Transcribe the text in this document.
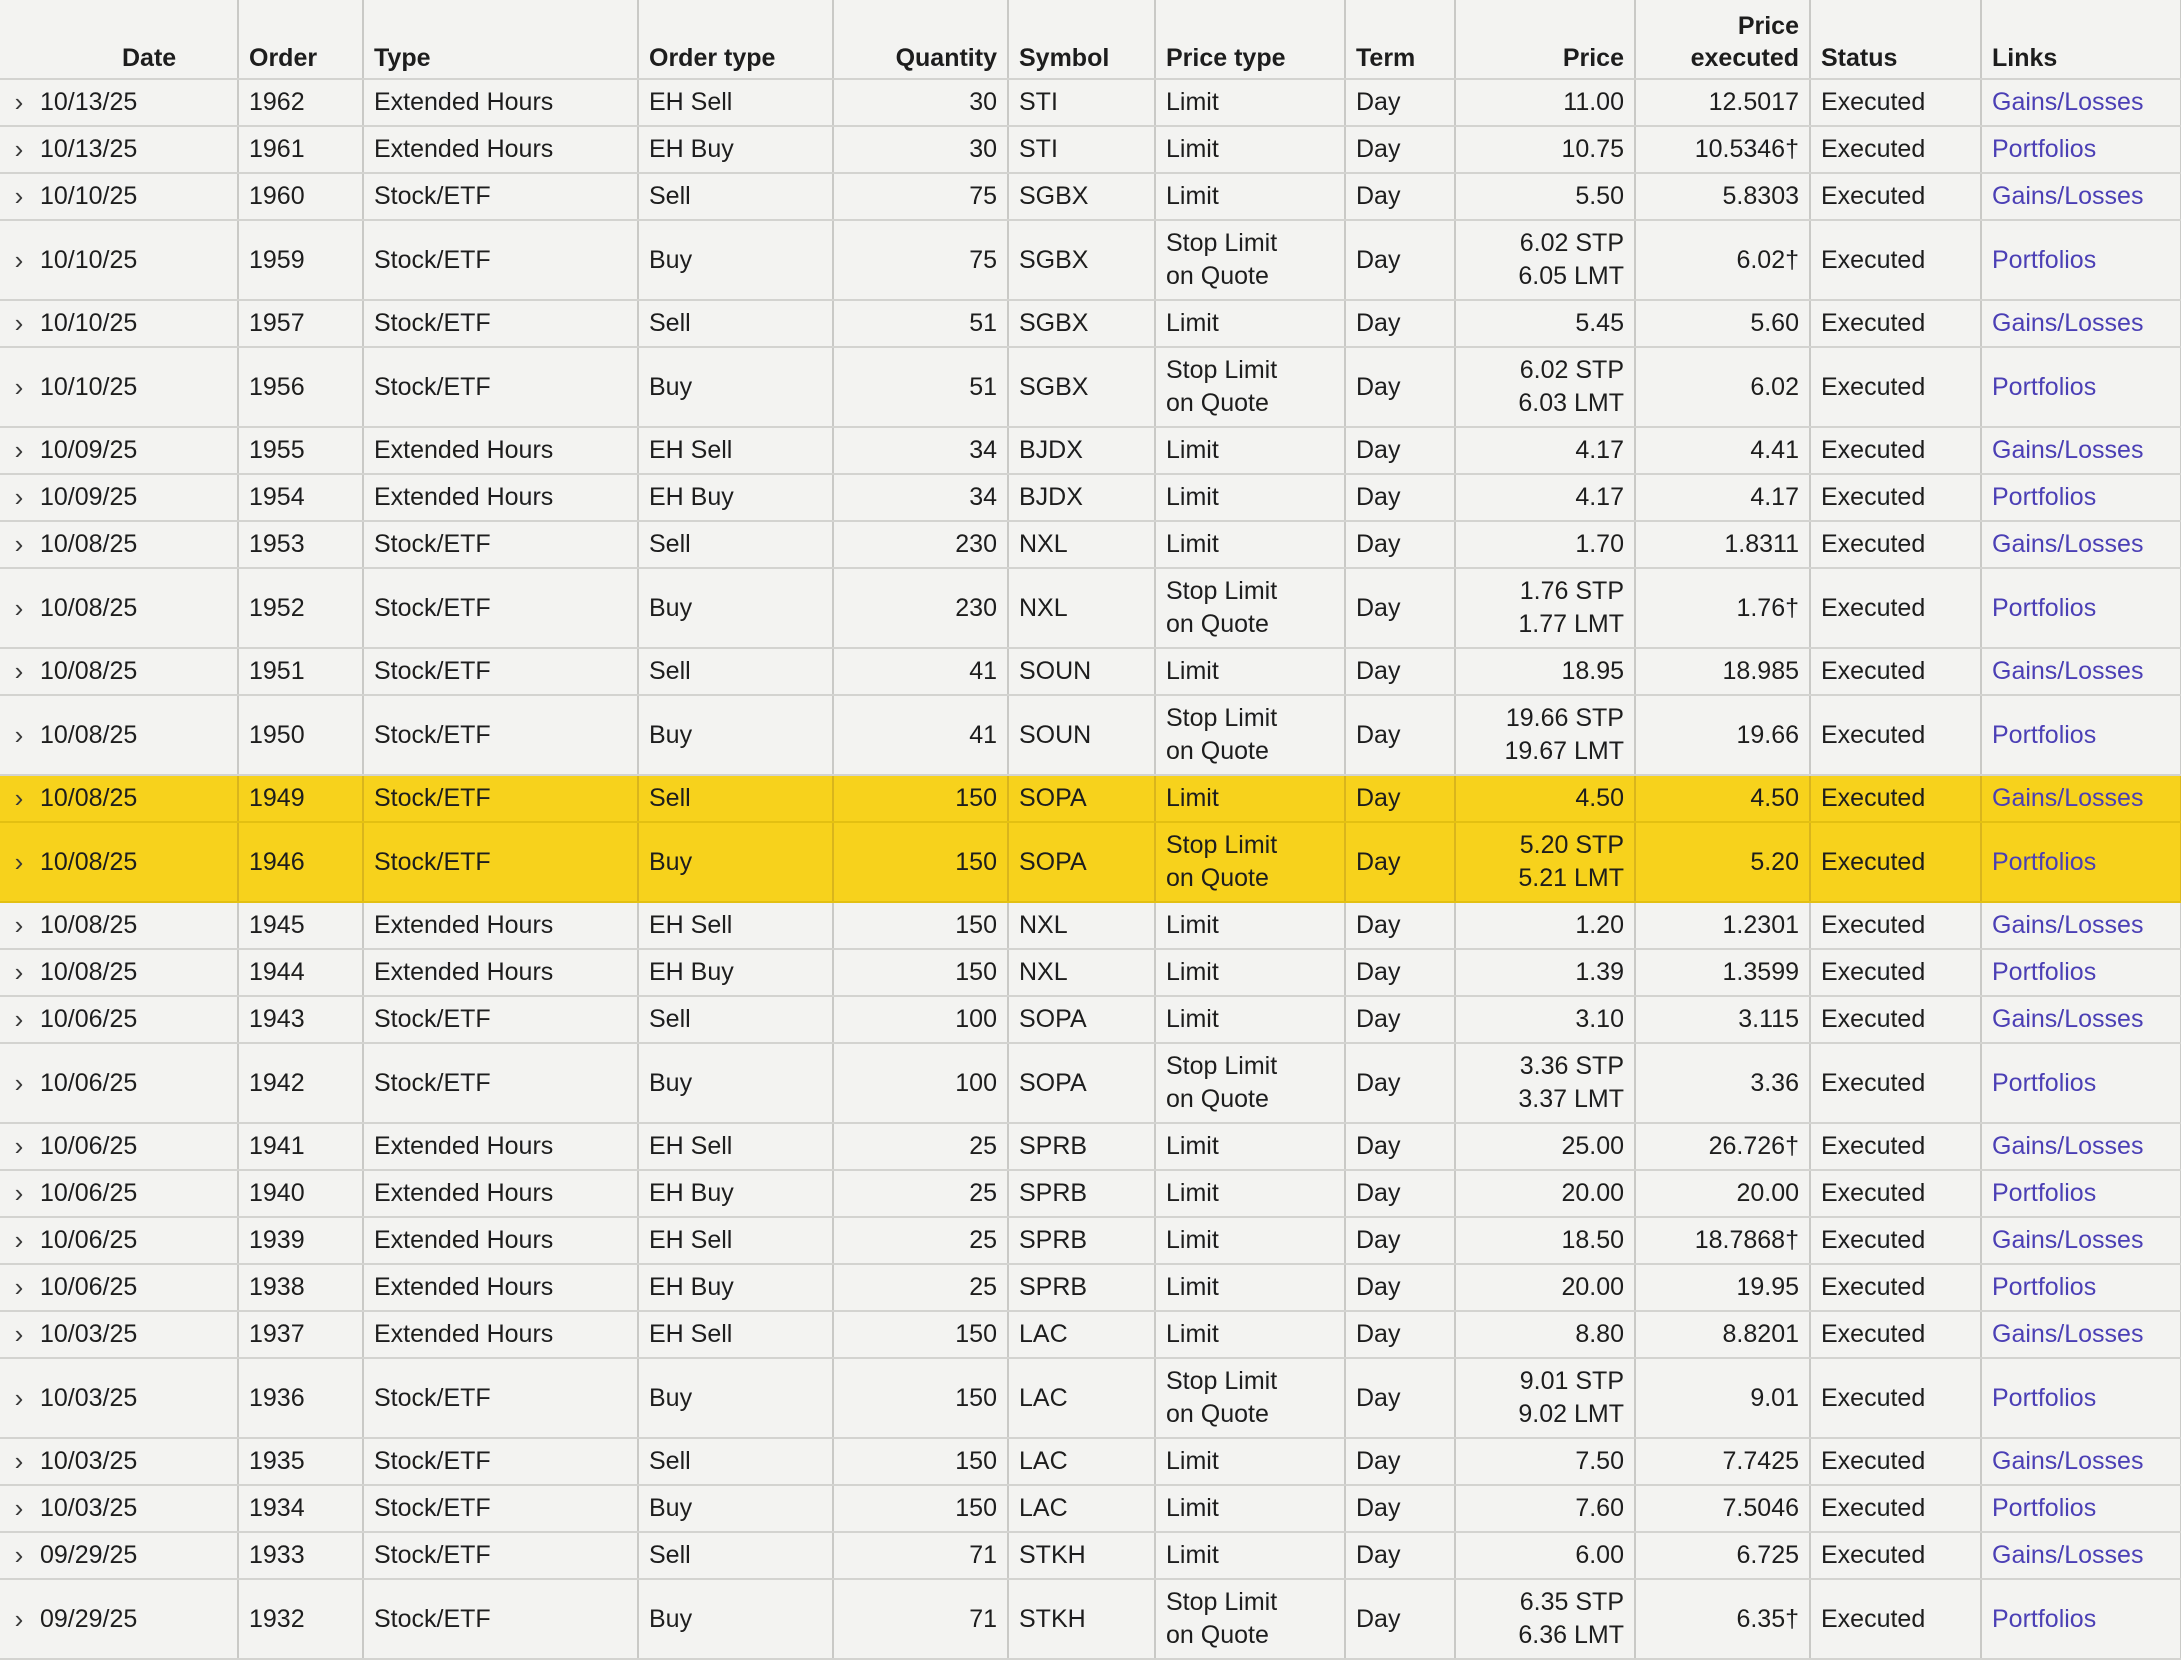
	Date	Order	Type	Order type	Quantity	Symbol	Price type	Term	Price	Price executed	Status	Links
›	10/13/25	1962	Extended Hours	EH Sell	30	STI	Limit	Day	11.00	12.5017	Executed	Gains/Losses
›	10/13/25	1961	Extended Hours	EH Buy	30	STI	Limit	Day	10.75	10.5346†	Executed	Portfolios
›	10/10/25	1960	Stock/ETF	Sell	75	SGBX	Limit	Day	5.50	5.8303	Executed	Gains/Losses
›	10/10/25	1959	Stock/ETF	Buy	75	SGBX	Stop Limit
on Quote	Day	6.02 STP
6.05 LMT	6.02†	Executed	Portfolios
›	10/10/25	1957	Stock/ETF	Sell	51	SGBX	Limit	Day	5.45	5.60	Executed	Gains/Losses
›	10/10/25	1956	Stock/ETF	Buy	51	SGBX	Stop Limit
on Quote	Day	6.02 STP
6.03 LMT	6.02	Executed	Portfolios
›	10/09/25	1955	Extended Hours	EH Sell	34	BJDX	Limit	Day	4.17	4.41	Executed	Gains/Losses
›	10/09/25	1954	Extended Hours	EH Buy	34	BJDX	Limit	Day	4.17	4.17	Executed	Portfolios
›	10/08/25	1953	Stock/ETF	Sell	230	NXL	Limit	Day	1.70	1.8311	Executed	Gains/Losses
›	10/08/25	1952	Stock/ETF	Buy	230	NXL	Stop Limit
on Quote	Day	1.76 STP
1.77 LMT	1.76†	Executed	Portfolios
›	10/08/25	1951	Stock/ETF	Sell	41	SOUN	Limit	Day	18.95	18.985	Executed	Gains/Losses
›	10/08/25	1950	Stock/ETF	Buy	41	SOUN	Stop Limit
on Quote	Day	19.66 STP
19.67 LMT	19.66	Executed	Portfolios
›	10/08/25	1949	Stock/ETF	Sell	150	SOPA	Limit	Day	4.50	4.50	Executed	Gains/Losses
›	10/08/25	1946	Stock/ETF	Buy	150	SOPA	Stop Limit
on Quote	Day	5.20 STP
5.21 LMT	5.20	Executed	Portfolios
›	10/08/25	1945	Extended Hours	EH Sell	150	NXL	Limit	Day	1.20	1.2301	Executed	Gains/Losses
›	10/08/25	1944	Extended Hours	EH Buy	150	NXL	Limit	Day	1.39	1.3599	Executed	Portfolios
›	10/06/25	1943	Stock/ETF	Sell	100	SOPA	Limit	Day	3.10	3.115	Executed	Gains/Losses
›	10/06/25	1942	Stock/ETF	Buy	100	SOPA	Stop Limit
on Quote	Day	3.36 STP
3.37 LMT	3.36	Executed	Portfolios
›	10/06/25	1941	Extended Hours	EH Sell	25	SPRB	Limit	Day	25.00	26.726†	Executed	Gains/Losses
›	10/06/25	1940	Extended Hours	EH Buy	25	SPRB	Limit	Day	20.00	20.00	Executed	Portfolios
›	10/06/25	1939	Extended Hours	EH Sell	25	SPRB	Limit	Day	18.50	18.7868†	Executed	Gains/Losses
›	10/06/25	1938	Extended Hours	EH Buy	25	SPRB	Limit	Day	20.00	19.95	Executed	Portfolios
›	10/03/25	1937	Extended Hours	EH Sell	150	LAC	Limit	Day	8.80	8.8201	Executed	Gains/Losses
›	10/03/25	1936	Stock/ETF	Buy	150	LAC	Stop Limit
on Quote	Day	9.01 STP
9.02 LMT	9.01	Executed	Portfolios
›	10/03/25	1935	Stock/ETF	Sell	150	LAC	Limit	Day	7.50	7.7425	Executed	Gains/Losses
›	10/03/25	1934	Stock/ETF	Buy	150	LAC	Limit	Day	7.60	7.5046	Executed	Portfolios
›	09/29/25	1933	Stock/ETF	Sell	71	STKH	Limit	Day	6.00	6.725	Executed	Gains/Losses
›	09/29/25	1932	Stock/ETF	Buy	71	STKH	Stop Limit
on Quote	Day	6.35 STP
6.36 LMT	6.35†	Executed	Portfolios
